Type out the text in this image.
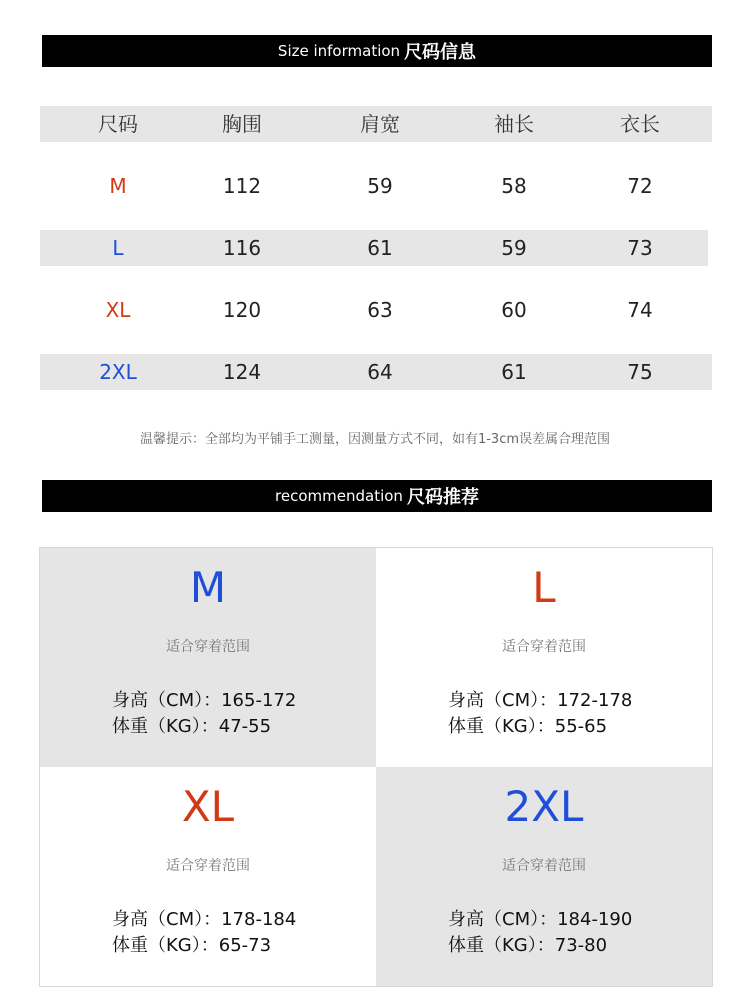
Size information 尺码信息
尺码	胸围	肩宽	袖长	衣长
M	112	59	58	72
L	116	61	59	73
XL	120	63	60	74
2XL	124	64	61	75
温馨提示：全部均为平铺手工测量，因测量方式不同，如有1-3cm误差属合理范围
recommendation 尺码推荐
M
适合穿着范围
身高（CM）：165-172
体重（KG）：47-55
L
适合穿着范围
身高（CM）：172-178
体重（KG）：55-65
XL
适合穿着范围
身高（CM）：178-184
体重（KG）：65-73
2XL
适合穿着范围
身高（CM）：184-190
体重（KG）：73-80
